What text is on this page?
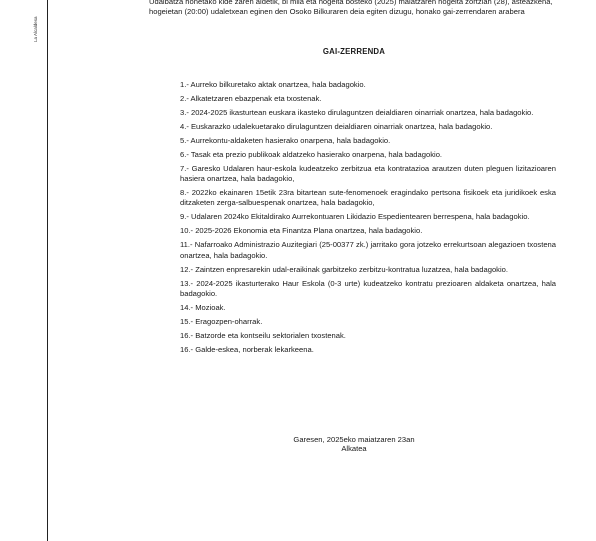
La Alcaldesa

Udalbatza honetako kide zaren aldetik, bi mila eta hogeita bosteko (2025) maiatzaren hogeita zortzian (28), asteazkena, hogeietan (20:00) udaletxean eginen den Osoko Bilkuraren deia egiten dizugu, honako gai-zerrendaren arabera

GAI-ZERRENDA

1.- Aurreko bilkuretako aktak onartzea, hala badagokio.
2.- Alkatetzaren ebazpenak eta txostenak.
3.- 2024-2025 ikasturtean euskara ikasteko dirulaguntzen deialdiaren oinarriak onartzea, hala badagokio.
4.- Euskarazko udalekuetarako dirulaguntzen deialdiaren oinarriak onartzea, hala badagokio.
5.- Aurrekontu-aldaketen hasierako onarpena, hala badagokio.
6.- Tasak eta prezio publikoak aldatzeko hasierako onarpena, hala badagokio.
7.- Garesko Udalaren haur-eskola kudeatzeko zerbitzua eta kontratazioa arautzen duten pleguen lizitazioaren hasiera onartzea, hala badagokio,
8.- 2022ko ekainaren 15etik 23ra bitartean sute-fenomenoek eragindako pertsona fisikoek eta juridikoek eska ditzaketen zerga-salbuespenak onartzea, hala badagokio,
9.- Udalaren 2024ko Ekitaldirako Aurrekontuaren Likidazio Espedientearen berrespena, hala badagokio.
10.- 2025-2026 Ekonomia eta Finantza Plana onartzea, hala badagokio.
11.- Nafarroako Administrazio Auzitegiari (25-00377 zk.) jarritako gora jotzeko errekurtsoan alegazioen txostena onartzea, hala badagokio.
12.- Zaintzen enpresarekin udal-eraikinak garbitzeko zerbitzu-kontratua luzatzea, hala badagokio.
13.- 2024-2025 ikasturterako Haur Eskola (0-3 urte) kudeatzeko kontratu prezioaren aldaketa onartzea, hala badagokio.
14.- Mozioak.
15.- Eragozpen-oharrak.
16.- Batzorde eta kontseilu sektorialen txostenak.
16.- Galde-eskea, norberak lekarkeena.

Garesen, 2025eko maiatzaren 23an
Alkatea
